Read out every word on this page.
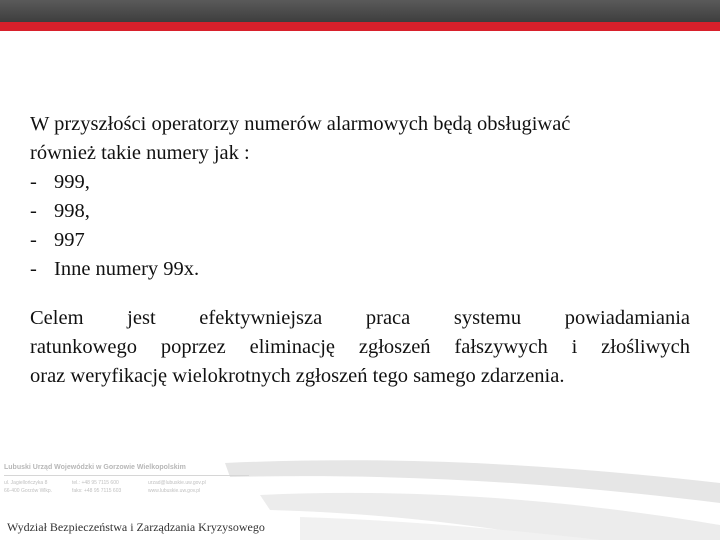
W przyszłości operatorzy numerów alarmowych będą obsługiwać
również takie numery jak :
- 999,
- 998,
- 997
- Inne numery 99x.
Celem jest efektywniejsza praca systemu powiadamiania
ratunkowego poprzez eliminację zgłoszeń fałszywych i złośliwych
oraz weryfikację wielokrotnych zgłoszeń tego samego zdarzenia.
Lubuski Urząd Wojewódzki w Gorzowie Wielkopolskim
ul. Jagiellończyka 8
66-400 Gorzów Wlkp.
tel.: +48 95 7115 600
faks: +48 95 7115 603
urzad@lubuskie.uw.gov.pl
www.lubuskie.uw.gov.pl
Wydział Bezpieczeństwa i Zarządzania Kryzysowego
